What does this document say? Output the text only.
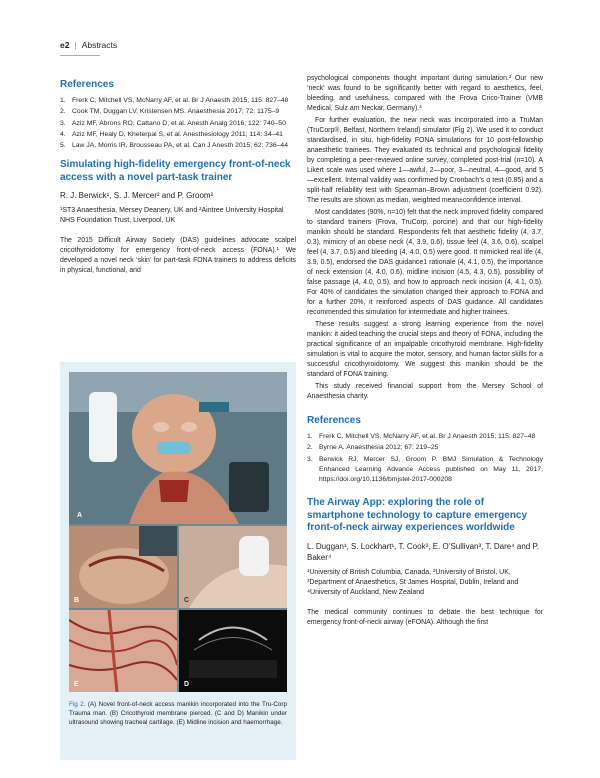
e2 | Abstracts
References
1. Frerk C, Mitchell VS, McNarry AF, et al. Br J Anaesth 2015; 115: 827–48
2. Cook TM, Duggan LV, Kristensen MS. Anaesthesia 2017; 72: 1175–9
3. Aziz MF, Abrons RO, Cattano D, et al. Anesth Analg 2016; 122: 740–50
4. Aziz MF, Healy D, Kheterpal S, et al. Anesthesiology 2011; 114: 34–41
5. Law JA, Morris IR, Brousseau PA, et al. Can J Anesth 2015; 62: 736–44
Simulating high-fidelity emergency front-of-neck access with a novel part-task trainer
R. J. Berwick¹, S. J. Mercer² and P. Groom²
¹ST3 Anaesthesia, Mersey Deanery, UK and ²Aintree University Hospital NHS Foundation Trust, Liverpool, UK
The 2015 Difficult Airway Society (DAS) guidelines advocate scalpel cricothyroidotomy for emergency front-of-neck access (FONA).¹ We developed a novel neck ‘skin’ for part-task FONA trainers to address deficits in physical, functional, and
A
B	C
E	D
Fig 2. (A) Novel front-of-neck access manikin incorporated into the Tru-Corp Trauma man. (B) Cricothyroid membrane pierced. (C and D) Manikin under ultrasound showing tracheal cartilage. (E) Midline incision and haemorrhage.
psychological components thought important during simulation.² Our new ‘neck’ was found to be significantly better with regard to aesthetics, feel, bleeding, and usefulness, compared with the Frova Crico-Trainer (VMB Medical, Sulz am Neckar, Germany).³
For further evaluation, the new neck was incorporated into a TruMan (TruCorp®, Belfast, Northern Ireland) simulator (Fig 2). We used it to conduct standardised, in situ, high-fidelity FONA simulations for 10 post-fellowship anaesthetic trainees. They evaluated its technical and psychological fidelity by completing a peer-reviewed online survey, completed post-trial (n=10). A Likert scale was used where 1—awful, 2—poor, 3—neutral, 4—good, and 5—excellent. Internal validity was confirmed by Cronbach’s α test (0.85) and a split-half reliability test with Spearman–Brown adjustment (coefficient 0.92). The results are shown as median, weighted mean±confidence interval.
Most candidates (90%, n=10) felt that the neck improved fidelity compared to standard trainers (Frova, TruCorp, porcine) and that our high-fidelity manikin should be standard. Respondents felt that aesthetic fidelity (4, 3.7, 0.3), mimicry of an obese neck (4, 3.9, 0.6), tissue feel (4, 3.6, 0.6), scalpel feel (4, 3.7, 0.5) and bleeding (4, 4.0, 0.5) were good. It mimicked real life (4, 3.9, 0.5), endorsed the DAS guidance1 rationale (4, 4.1, 0.5), the importance of neck extension (4, 4.0, 0.6), midline incision (4.5, 4.3, 0.5), possibility of false passage (4, 4.0, 0.5), and how to approach neck incision (4, 4.1, 0.5). For 40% of candidates the simulation changed their approach to FONA and for a further 20%, it reinforced aspects of DAS guidance. All candidates recommended this simulation for intermediate and higher trainees.
These results suggest a strong learning experience from the novel manikin: it aided teaching the crucial steps and theory of FONA, including the practical significance of an impalpable cricothyroid membrane. High-fidelity simulation is vital to acquire the motor, sensory, and human factor skills for a successful cricothyroidotomy. We suggest this manikin should be the standard of FONA training.
This study received financial support from the Mersey School of Anaesthesia charity.
References
1. Frerk C, Mitchell VS, McNarry AF, et al. Br J Anaesth 2015; 115: 827–48
2. Byrne A. Anaesthesia 2012; 67: 219–25
3. Berwick RJ, Mercer SJ, Groom P. BMJ Simulation & Technology Enhanced Learning Advance Access published on May 11, 2017, https://doi.org/10.1136/bmjstel-2017-000208
The Airway App: exploring the role of smartphone technology to capture emergency front-of-neck airway experiences worldwide
L. Duggan¹, S. Lockhart¹, T. Cook², E. O’Sullivan³, T. Dare⁴ and P. Baker⁴
¹University of British Columbia, Canada, ²University of Bristol, UK, ³Department of Anaesthetics, St James Hospital, Dublin, Ireland and ⁴University of Auckland, New Zealand
The medical community continues to debate the best technique for emergency front-of-neck airway (eFONA). Although the first
